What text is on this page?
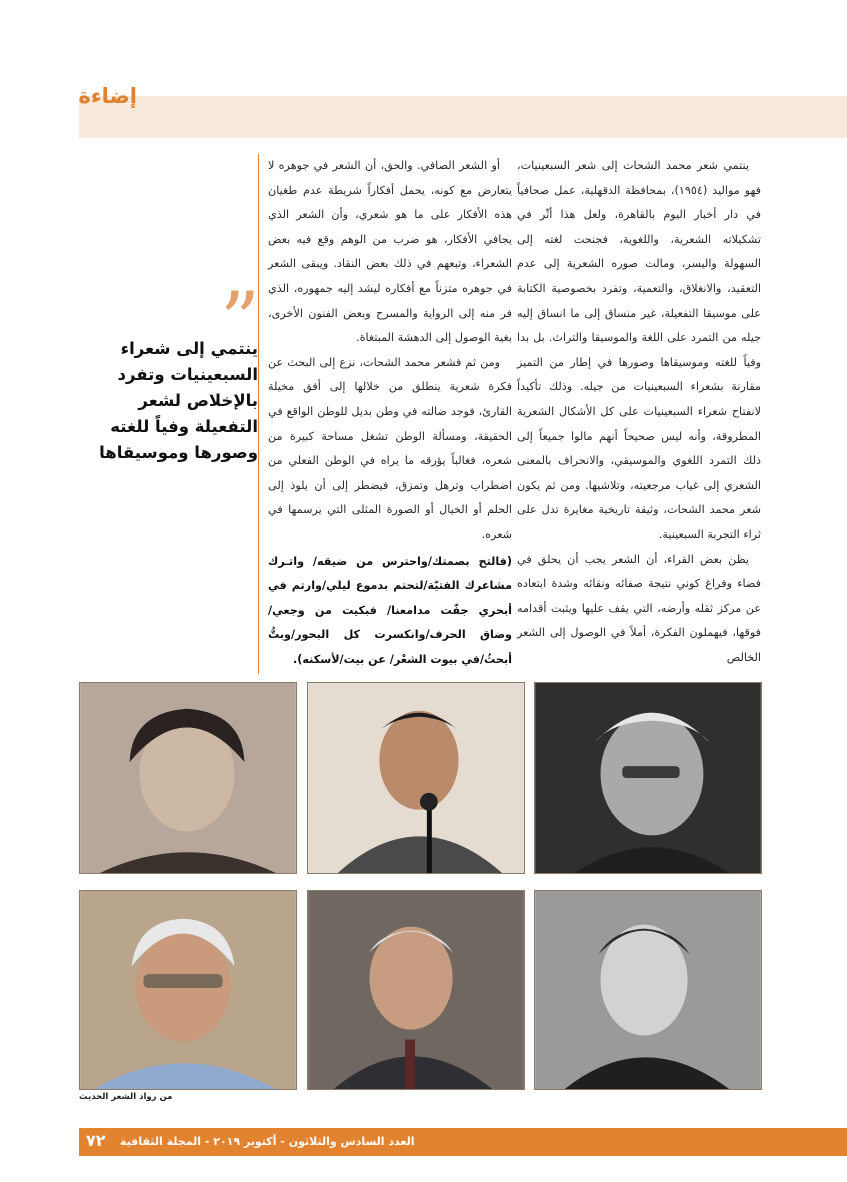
إضاءة

ينتمي شعر محمد الشحات إلى شعر السبعينيات، فهو مواليد (١٩٥٤)، بمحافظة الدقهلية، عمل صحافياً في دار أخبار اليوم بالقاهرة، ولعل هذا أثّر في تشكيلاته الشعرية، واللغوية، فجنحت لغته إلى السهولة واليسر، ومالت صوره الشعرية إلى عدم التعقيد، والانغلاق، والتعمية، وتفرد بخصوصية الكتابة على موسيقا التفعيلة، غير منساق إلى ما انساق إليه جيله من التمرد على اللغة والموسيقا والتراث. بل بدا وفياً للغته وموسيقاها وصورها في إطار من التميز مقارنة بشعراء السبعينيات من جيله. وذلك تأكيداً لانفتاح شعراء السبعينيات على كل الأشكال الشعرية المطروقة، وأنه ليس صحيحاً أنهم مالوا جميعاً إلى ذلك التمرد اللغوي والموسيقي، والانحراف بالمعنى الشعري إلى غياب مرجعيته، وتلاشيها. ومن ثم يكون شعر محمد الشحات، وثيقة تاريخية مغايرة تدل على ثراء التجربة السبعينية.

يظن بعض القراء، أن الشعر يجب أن يحلق في فضاء وفراغ كوني نتيجة صفائه ونقائه وشدة ابتعاده عن مركز ثقله وأرضه، التي يقف عليها ويثبت أقدامه فوقها، فيهملون الفكرة، أملاً في الوصول إلى الشعر الخالص

أو الشعر الصافي. والحق، أن الشعر في جوهره لا يتعارض مع كونه، يحمل أفكاراً شريطة عدم طغيان هذه الأفكار على ما هو شعري، وأن الشعر الذي يجافي الأفكار، هو ضرب من الوهم وقع فيه بعض الشعراء، وتبعهم في ذلك بعض النقاد. ويبقى الشعر في جوهره متزناً مع أفكاره ليشد إليه جمهوره، الذي فر منه إلى الرواية والمسرح وبعض الفنون الأخرى، بغية الوصول إلى الدهشة المبتغاة.

ومن ثم فشعر محمد الشحات، نزع إلى البحث عن فكرة شعرية ينطلق من خلالها إلى أفق مخيلة القارئ، فوجد ضالته في وطن بديل للوطن الواقع في الحقيقة، ومسألة الوطن تشغل مساحة كبيرة من شعره، فغالباً يؤرقه ما يراه في الوطن الفعلي من اضطراب وترهل وتمزق، فيضطر إلى أن يلوذ إلى الحلم أو الخيال أو الصورة المثلى التي يرسمها في شعره.

(فالتح بصمتك/واحترس من ضيقه/ واتـرك مشاعرك الفتيّة/لتحتم بدموع ليلي/وارتم في أبحري جفّت مدامعنا/ فبكيت من وجعي/وضاق الحرف/وانكسرت كل البحور/وبتُّ أبحثُ/في بيوت الشعْر/ عن بيت/لأسكنه).

”
ينتمي إلى شعراء السبعينيات وتفرد بالإخلاص لشعر التفعيلة وفياً للغته وصورها وموسيقاها
من رواد الشعر الحديث
العدد السادس والثلاثون - أكتوبر ٢٠١٩ - المجلة الثقافية
٧٢
